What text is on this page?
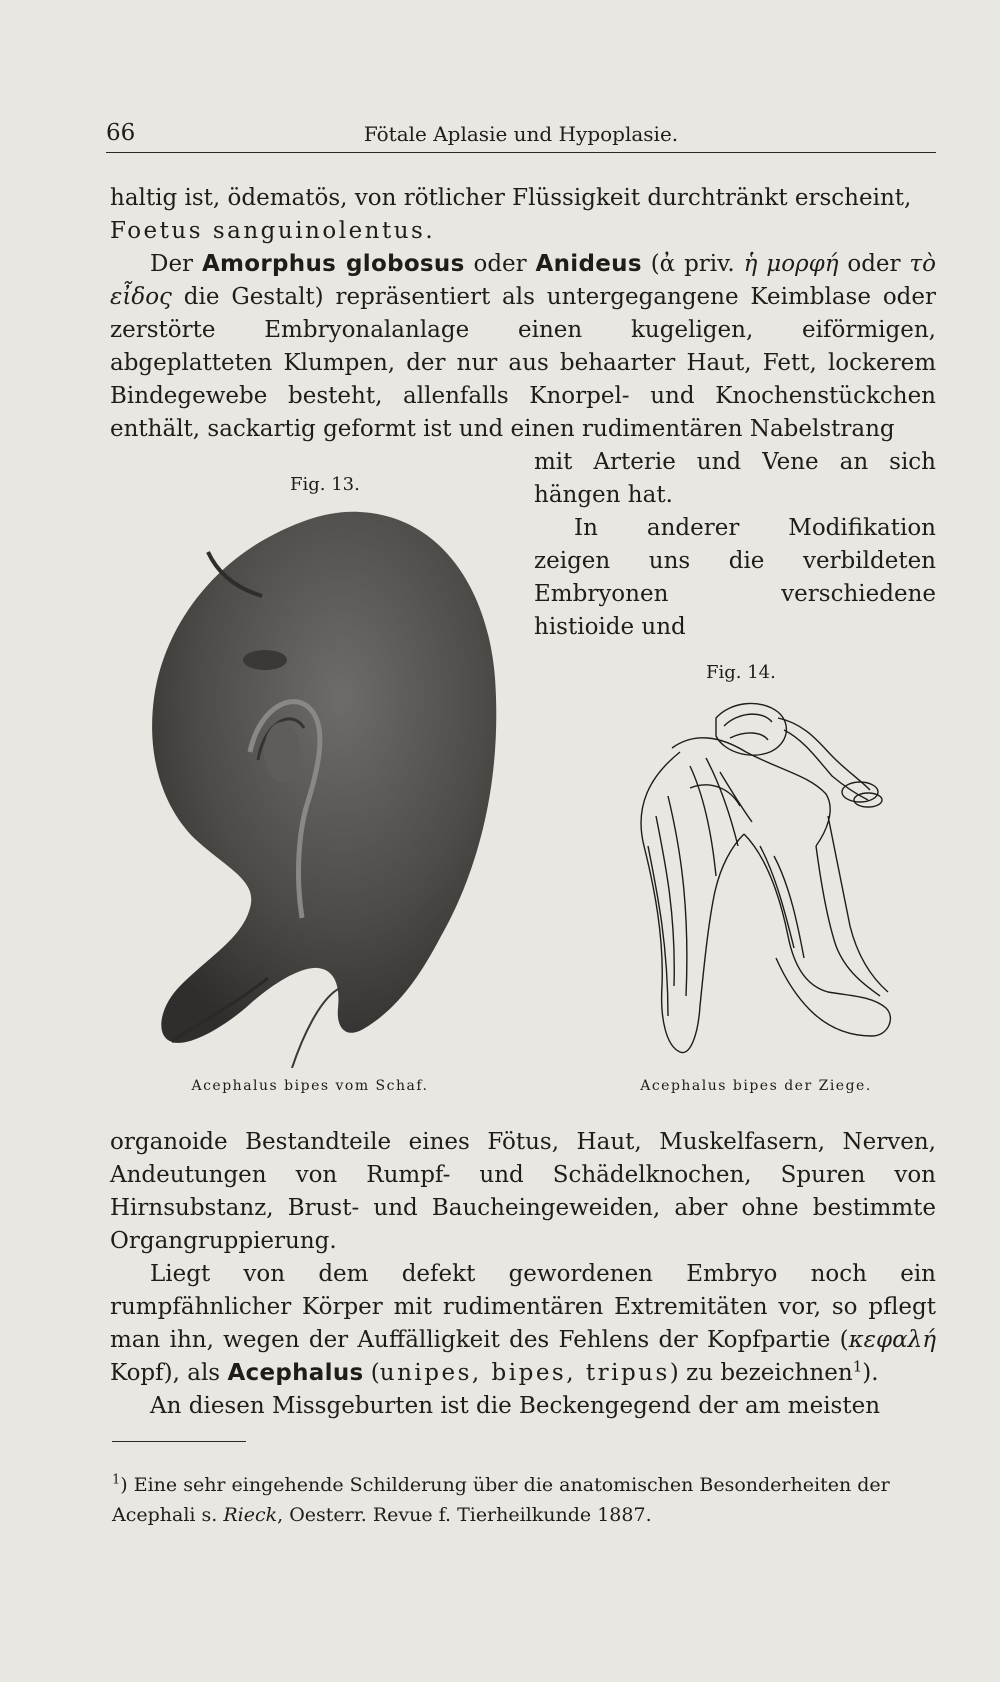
66	Fötale Aplasie und Hypoplasie.

haltig ist, ödematös, von rötlicher Flüssigkeit durchtränkt erscheint,

Foetus sanguinolentus.

Der Amorphus globosus oder Anideus (ἀ priv. ἡ μορφή oder τὸ εἶδος die Gestalt) repräsentiert als untergegangene Keimblase oder zerstörte Embryonalanlage einen kugeligen, eiförmigen, abgeplatteten Klumpen, der nur aus behaarter Haut, Fett, lockerem Bindegewebe besteht, allenfalls Knorpel- und Knochenstückchen enthält, sackartig geformt ist und einen rudimentären Nabelstrang

mit Arterie und Vene an sich hängen hat.

In anderer Modifikation zeigen uns die verbildeten Embryonen verschiedene histioide und

Fig. 13.
Acephalus bipes vom Schaf.
Fig. 14.
Acephalus bipes der Ziege.

organoide Bestandteile eines Fötus, Haut, Muskelfasern, Nerven, Andeutungen von Rumpf- und Schädelknochen, Spuren von Hirnsubstanz, Brust- und Baucheingeweiden, aber ohne bestimmte Organgruppierung.

Liegt von dem defekt gewordenen Embryo noch ein rumpfähnlicher Körper mit rudimentären Extremitäten vor, so pflegt man ihn, wegen der Auffälligkeit des Fehlens der Kopfpartie (κεφαλή Kopf), als Acephalus (unipes, bipes, tripus) zu bezeichnen$^1$).

An diesen Missgeburten ist die Beckengegend der am meisten

$^1$) Eine sehr eingehende Schilderung über die anatomischen Besonderheiten der Acephali s. Rieck, Oesterr. Revue f. Tierheilkunde 1887.
